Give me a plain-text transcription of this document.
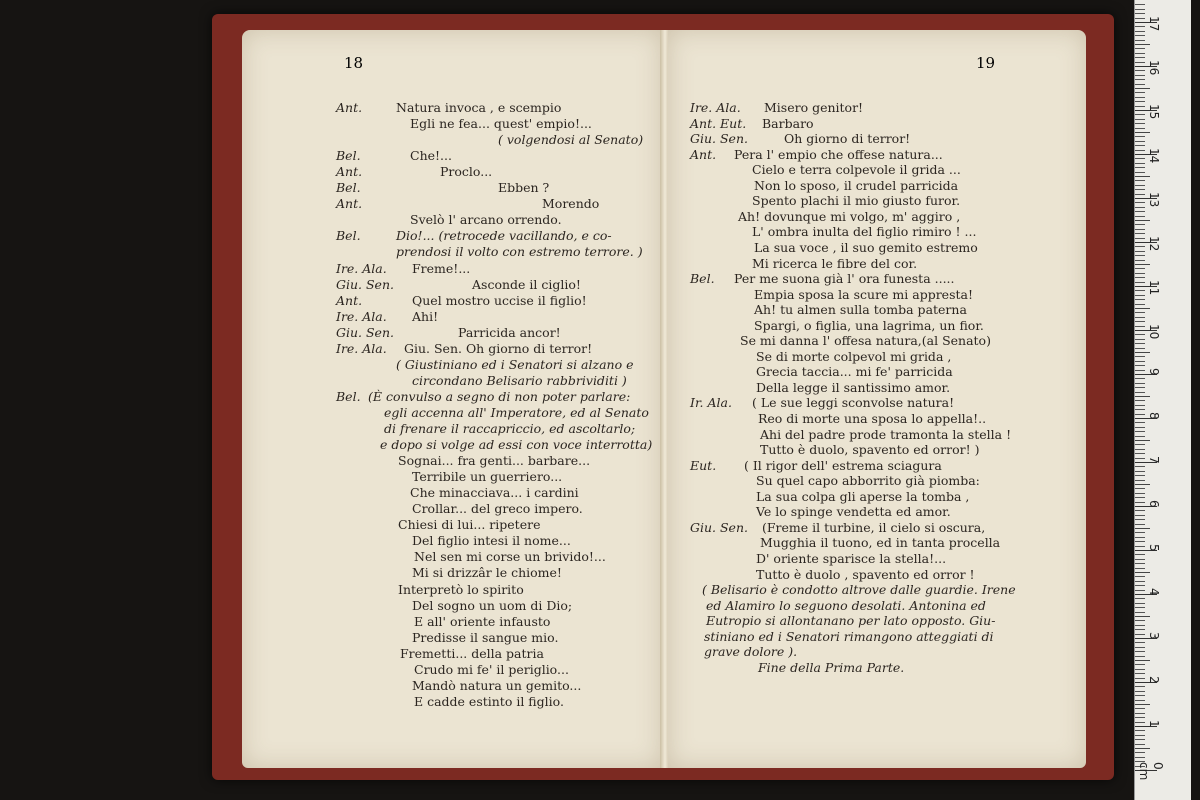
Ant.	Natura invoca , e scempio
Egli ne fea... quest' empio!...
( volgendosi al Senato)
Bel.	Che!...
Ant.	Proclo...
Bel.	Ebben ?
Ant.	Morendo
Svelò l' arcano orrendo.
Bel.	Dio!... (retrocede vacillando, e co-
prendosi il volto con estremo terrore. )
Ire. Ala. Freme!...
Giu. Sen.	Asconde il ciglio!
Ant.	Quel mostro uccise il figlio!
Ire. Ala. Ahi!
Giu. Sen.	Parricida ancor!
Ire. Ala. Giu. Sen. Oh giorno di terror!
( Giustiniano ed i Senatori si alzano e
circondano Belisario rabbrividiti )
Bel. (È convulso a segno di non poter parlare:
egli accenna all' Imperatore, ed al Senato
di frenare il raccapriccio, ed ascoltarlo;
e dopo si volge ad essi con voce interrotta)
Sognai... fra genti... barbare...
Terribile un guerriero...
Che minacciava... i cardini
Crollar... del greco impero.
Chiesi di lui... ripetere
Del figlio intesi il nome...
Nel sen mi corse un brivido!...
Mi si drizzâr le chiome!
Interpretò lo spirito
Del sogno un uom di Dio;
E all' oriente infausto
Predisse il sangue mio.
Fremetti... della patria
Crudo mi fe' il periglio...
Mandò natura un gemito...
E cadde estinto il figlio.
Ire. Ala. Misero genitor!
Ant. Eut. Barbaro
Giu. Sen.	Oh giorno di terror!
Ant. Pera l' empio che offese natura...
Cielo e terra colpevole il grida ...
Non lo sposo, il crudel parricida
Spento plachi il mio giusto furor.
Ah! dovunque mi volgo, m' aggiro ,
L' ombra inulta del figlio rimiro ! ...
La sua voce , il suo gemito estremo
Mi ricerca le fibre del cor.
Bel. Per me suona già l' ora funesta .....
Empia sposa la scure mi appresta!
Ah! tu almen sulla tomba paterna
Spargi, o figlia, una lagrima, un fior.
Se mi danna l' offesa natura,(al Senato)
Se di morte colpevol mi grida ,
Grecia taccia... mi fe' parricida
Della legge il santissimo amor.
Ir. Ala. ( Le sue leggi sconvolse natura!
Reo di morte una sposa lo appella!..
Ahi del padre prode tramonta la stella !
Tutto è duolo, spavento ed orror! )
Eut. ( Il rigor dell' estrema sciagura
Su quel capo abborrito già piomba:
La sua colpa gli aperse la tomba ,
Ve lo spinge vendetta ed amor.
Giu. Sen. (Freme il turbine, il cielo si oscura,
Mugghia il tuono, ed in tanta procella
D' oriente sparisce la stella!...
Tutto è duolo , spavento ed orror !
( Belisario è condotto altrove dalle guardie. Irene
ed Alamiro lo seguono desolati. Antonina ed
Eutropio si allontanano per lato opposto. Giu-
stiniano ed i Senatori rimangono atteggiati di
grave dolore ).
Fine della Prima Parte.
18	19
1
2
3
4
5
6
7
8
9
10
11
12
13
14
15
16
17
0 cm
